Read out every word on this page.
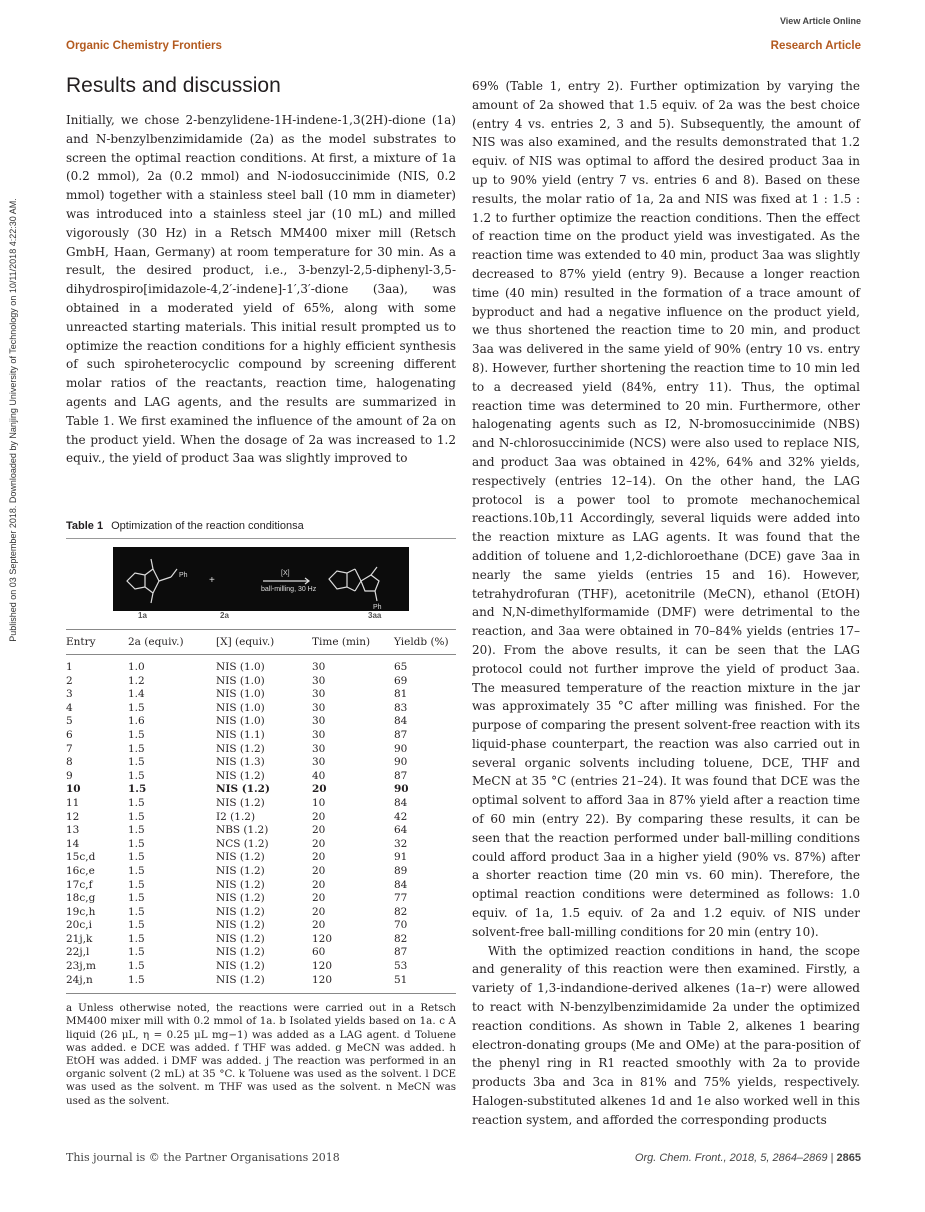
View Article Online
Organic Chemistry Frontiers	Research Article
Published on 03 September 2018. Downloaded by Nanjing University of Technology on 10/11/2018 4:22:30 AM.
Results and discussion

Initially, we chose 2-benzylidene-1H-indene-1,3(2H)-dione (1a) and N-benzylbenzimidamide (2a) as the model substrates to screen the optimal reaction conditions. At first, a mixture of 1a (0.2 mmol), 2a (0.2 mmol) and N-iodosuccinimide (NIS, 0.2 mmol) together with a stainless steel ball (10 mm in diameter) was introduced into a stainless steel jar (10 mL) and milled vigorously (30 Hz) in a Retsch MM400 mixer mill (Retsch GmbH, Haan, Germany) at room temperature for 30 min. As a result, the desired product, i.e., 3-benzyl-2,5-diphenyl-3,5-dihydrospiro[imidazole-4,2′-indene]-1′,3′-dione (3aa), was obtained in a moderated yield of 65%, along with some unreacted starting materials. This initial result prompted us to optimize the reaction conditions for a highly efficient synthesis of such spiroheterocyclic compound by screening different molar ratios of the reactants, reaction time, halogenating agents and LAG agents, and the results are summarized in Table 1. We first examined the influence of the amount of 2a on the product yield. When the dosage of 2a was increased to 1.2 equiv., the yield of product 3aa was slightly improved to

Table 1 Optimization of the reaction conditionsa
+
Ph
Ph
[X]
ball-milling, 30 Hz
1a	2a	3aa
Entry	2a (equiv.)	[X] (equiv.)	Time (min)	Yieldb (%)
1	1.0	NIS (1.0)	30	65
2	1.2	NIS (1.0)	30	69
3	1.4	NIS (1.0)	30	81
4	1.5	NIS (1.0)	30	83
5	1.6	NIS (1.0)	30	84
6	1.5	NIS (1.1)	30	87
7	1.5	NIS (1.2)	30	90
8	1.5	NIS (1.3)	30	90
9	1.5	NIS (1.2)	40	87
10	1.5	NIS (1.2)	20	90
11	1.5	NIS (1.2)	10	84
12	1.5	I2 (1.2)	20	42
13	1.5	NBS (1.2)	20	64
14	1.5	NCS (1.2)	20	32
15c,d	1.5	NIS (1.2)	20	91
16c,e	1.5	NIS (1.2)	20	89
17c,f	1.5	NIS (1.2)	20	84
18c,g	1.5	NIS (1.2)	20	77
19c,h	1.5	NIS (1.2)	20	82
20c,i	1.5	NIS (1.2)	20	70
21j,k	1.5	NIS (1.2)	120	82
22j,l	1.5	NIS (1.2)	60	87
23j,m	1.5	NIS (1.2)	120	53
24j,n	1.5	NIS (1.2)	120	51
a Unless otherwise noted, the reactions were carried out in a Retsch MM400 mixer mill with 0.2 mmol of 1a. b Isolated yields based on 1a. c A liquid (26 μL, η = 0.25 μL mg−1) was added as a LAG agent. d Toluene was added. e DCE was added. f THF was added. g MeCN was added. h EtOH was added. i DMF was added. j The reaction was performed in an organic solvent (2 mL) at 35 °C. k Toluene was used as the solvent. l DCE was used as the solvent. m THF was used as the solvent. n MeCN was used as the solvent.

69% (Table 1, entry 2). Further optimization by varying the amount of 2a showed that 1.5 equiv. of 2a was the best choice (entry 4 vs. entries 2, 3 and 5). Subsequently, the amount of NIS was also examined, and the results demonstrated that 1.2 equiv. of NIS was optimal to afford the desired product 3aa in up to 90% yield (entry 7 vs. entries 6 and 8). Based on these results, the molar ratio of 1a, 2a and NIS was fixed at 1 : 1.5 : 1.2 to further optimize the reaction conditions. Then the effect of reaction time on the product yield was investigated. As the reaction time was extended to 40 min, product 3aa was slightly decreased to 87% yield (entry 9). Because a longer reaction time (40 min) resulted in the formation of a trace amount of byproduct and had a negative influence on the product yield, we thus shortened the reaction time to 20 min, and product 3aa was delivered in the same yield of 90% (entry 10 vs. entry 8). However, further shortening the reaction time to 10 min led to a decreased yield (84%, entry 11). Thus, the optimal reaction time was determined to 20 min. Furthermore, other halogenating agents such as I2, N-bromosuccinimide (NBS) and N-chlorosuccinimide (NCS) were also used to replace NIS, and product 3aa was obtained in 42%, 64% and 32% yields, respectively (entries 12–14). On the other hand, the LAG protocol is a power tool to promote mechanochemical reactions.10b,11 Accordingly, several liquids were added into the reaction mixture as LAG agents. It was found that the addition of toluene and 1,2-dichloroethane (DCE) gave 3aa in nearly the same yields (entries 15 and 16). However, tetrahydrofuran (THF), acetonitrile (MeCN), ethanol (EtOH) and N,N-dimethylformamide (DMF) were detrimental to the reaction, and 3aa were obtained in 70–84% yields (entries 17–20). From the above results, it can be seen that the LAG protocol could not further improve the yield of product 3aa. The measured temperature of the reaction mixture in the jar was approximately 35 °C after milling was finished. For the purpose of comparing the present solvent-free reaction with its liquid-phase counterpart, the reaction was also carried out in several organic solvents including toluene, DCE, THF and MeCN at 35 °C (entries 21–24). It was found that DCE was the optimal solvent to afford 3aa in 87% yield after a reaction time of 60 min (entry 22). By comparing these results, it can be seen that the reaction performed under ball-milling conditions could afford product 3aa in a higher yield (90% vs. 87%) after a shorter reaction time (20 min vs. 60 min). Therefore, the optimal reaction conditions were determined as follows: 1.0 equiv. of 1a, 1.5 equiv. of 2a and 1.2 equiv. of NIS under solvent-free ball-milling conditions for 20 min (entry 10).

With the optimized reaction conditions in hand, the scope and generality of this reaction were then examined. Firstly, a variety of 1,3-indandione-derived alkenes (1a–r) were allowed to react with N-benzylbenzimidamide 2a under the optimized reaction conditions. As shown in Table 2, alkenes 1 bearing electron-donating groups (Me and OMe) at the para-position of the phenyl ring in R1 reacted smoothly with 2a to provide products 3ba and 3ca in 81% and 75% yields, respectively. Halogen-substituted alkenes 1d and 1e also worked well in this reaction system, and afforded the corresponding products

This journal is © the Partner Organisations 2018	Org. Chem. Front., 2018, 5, 2864–2869 | 2865
